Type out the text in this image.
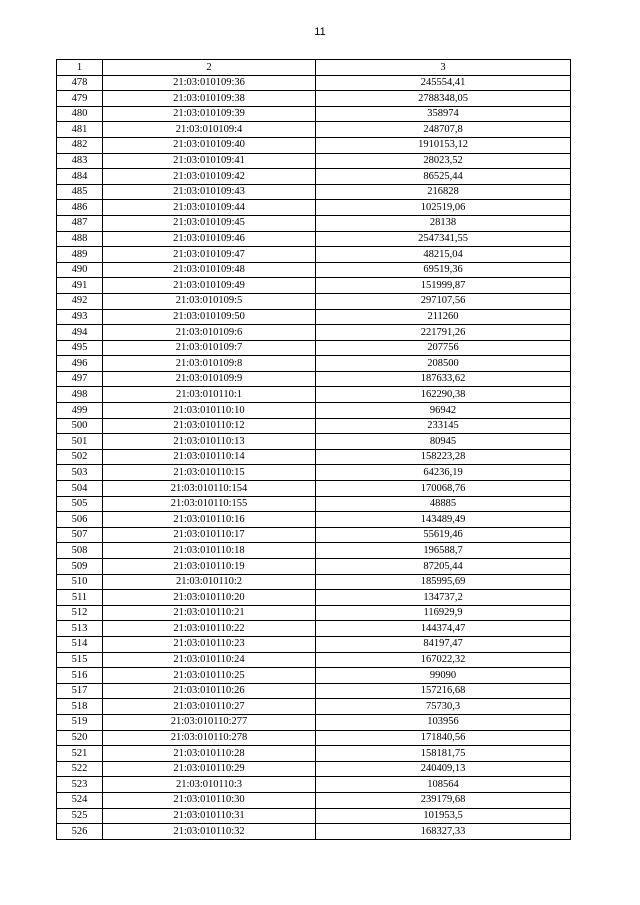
11
1	2	3
478	21:03:010109:36	245554,41
479	21:03:010109:38	2788348,05
480	21:03:010109:39	358974
481	21:03:010109:4	248707,8
482	21:03:010109:40	1910153,12
483	21:03:010109:41	28023,52
484	21:03:010109:42	86525,44
485	21:03:010109:43	216828
486	21:03:010109:44	102519,06
487	21:03:010109:45	28138
488	21:03:010109:46	2547341,55
489	21:03:010109:47	48215,04
490	21:03:010109:48	69519,36
491	21:03:010109:49	151999,87
492	21:03:010109:5	297107,56
493	21:03:010109:50	211260
494	21:03:010109:6	221791,26
495	21:03:010109:7	207756
496	21:03:010109:8	208500
497	21:03:010109:9	187633,62
498	21:03:010110:1	162290,38
499	21:03:010110:10	96942
500	21:03:010110:12	233145
501	21:03:010110:13	80945
502	21:03:010110:14	158223,28
503	21:03:010110:15	64236,19
504	21:03:010110:154	170068,76
505	21:03:010110:155	48885
506	21:03:010110:16	143489,49
507	21:03:010110:17	55619,46
508	21:03:010110:18	196588,7
509	21:03:010110:19	87205,44
510	21:03:010110:2	185995,69
511	21:03:010110:20	134737,2
512	21:03:010110:21	116929,9
513	21:03:010110:22	144374,47
514	21:03:010110:23	84197,47
515	21:03:010110:24	167022,32
516	21:03:010110:25	99090
517	21:03:010110:26	157216,68
518	21:03:010110:27	75730,3
519	21:03:010110:277	103956
520	21:03:010110:278	171840,56
521	21:03:010110:28	158181,75
522	21:03:010110:29	240409,13
523	21:03:010110:3	108564
524	21:03:010110:30	239179,68
525	21:03:010110:31	101953,5
526	21:03:010110:32	168327,33
